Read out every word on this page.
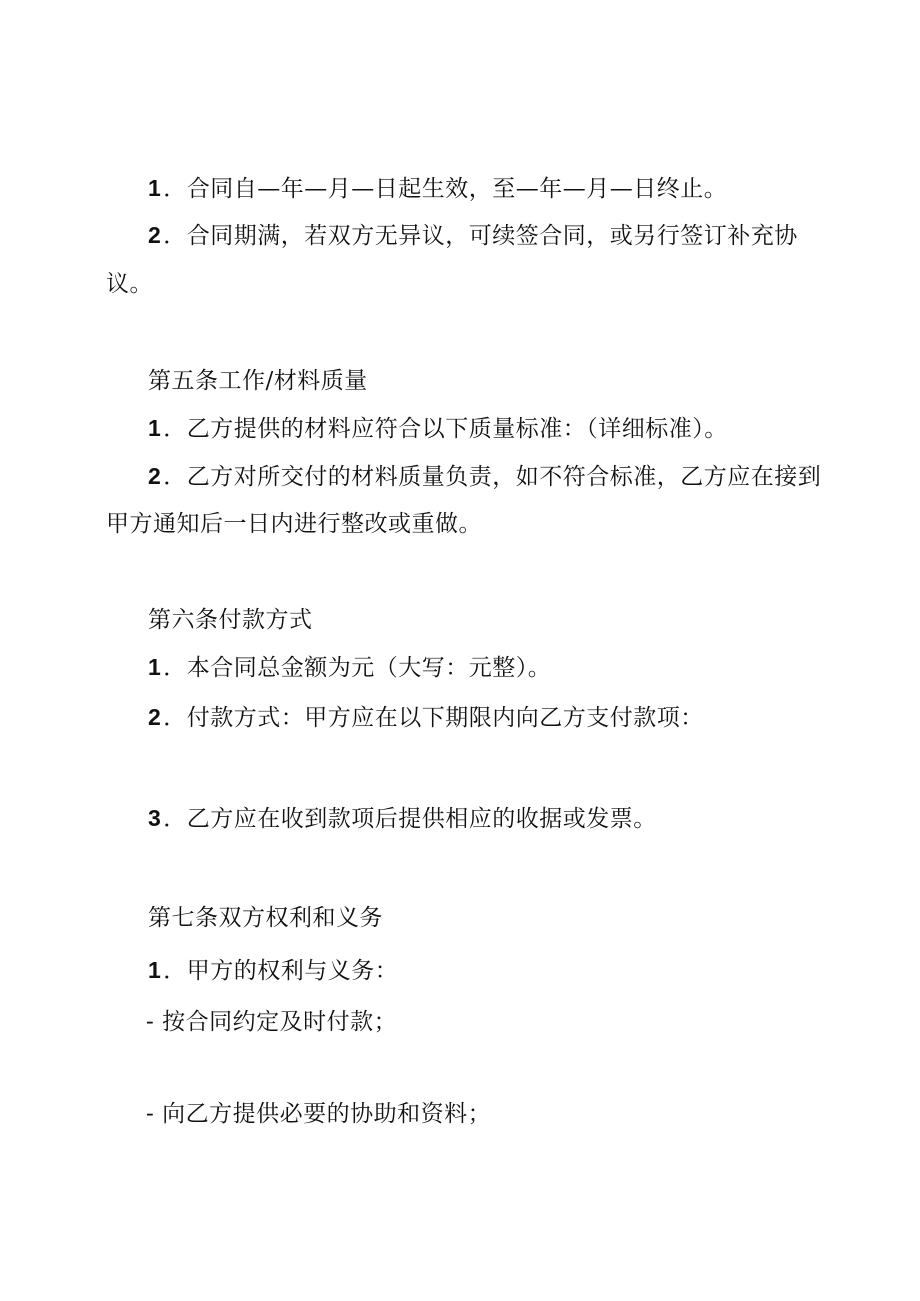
1．合同自—年—月—日起生效，至—年—月—日终止。
2．合同期满，若双方无异议，可续签合同，或另行签订补充协
议。
第五条工作/材料质量
1．乙方提供的材料应符合以下质量标准：（详细标准）。
2．乙方对所交付的材料质量负责，如不符合标准，乙方应在接到
甲方通知后一日内进行整改或重做。
第六条付款方式
1．本合同总金额为元（大写：元整）。
2．付款方式：甲方应在以下期限内向乙方支付款项：
3．乙方应在收到款项后提供相应的收据或发票。
第七条双方权利和义务
1．甲方的权利与义务：
- 按合同约定及时付款；
- 向乙方提供必要的协助和资料；
